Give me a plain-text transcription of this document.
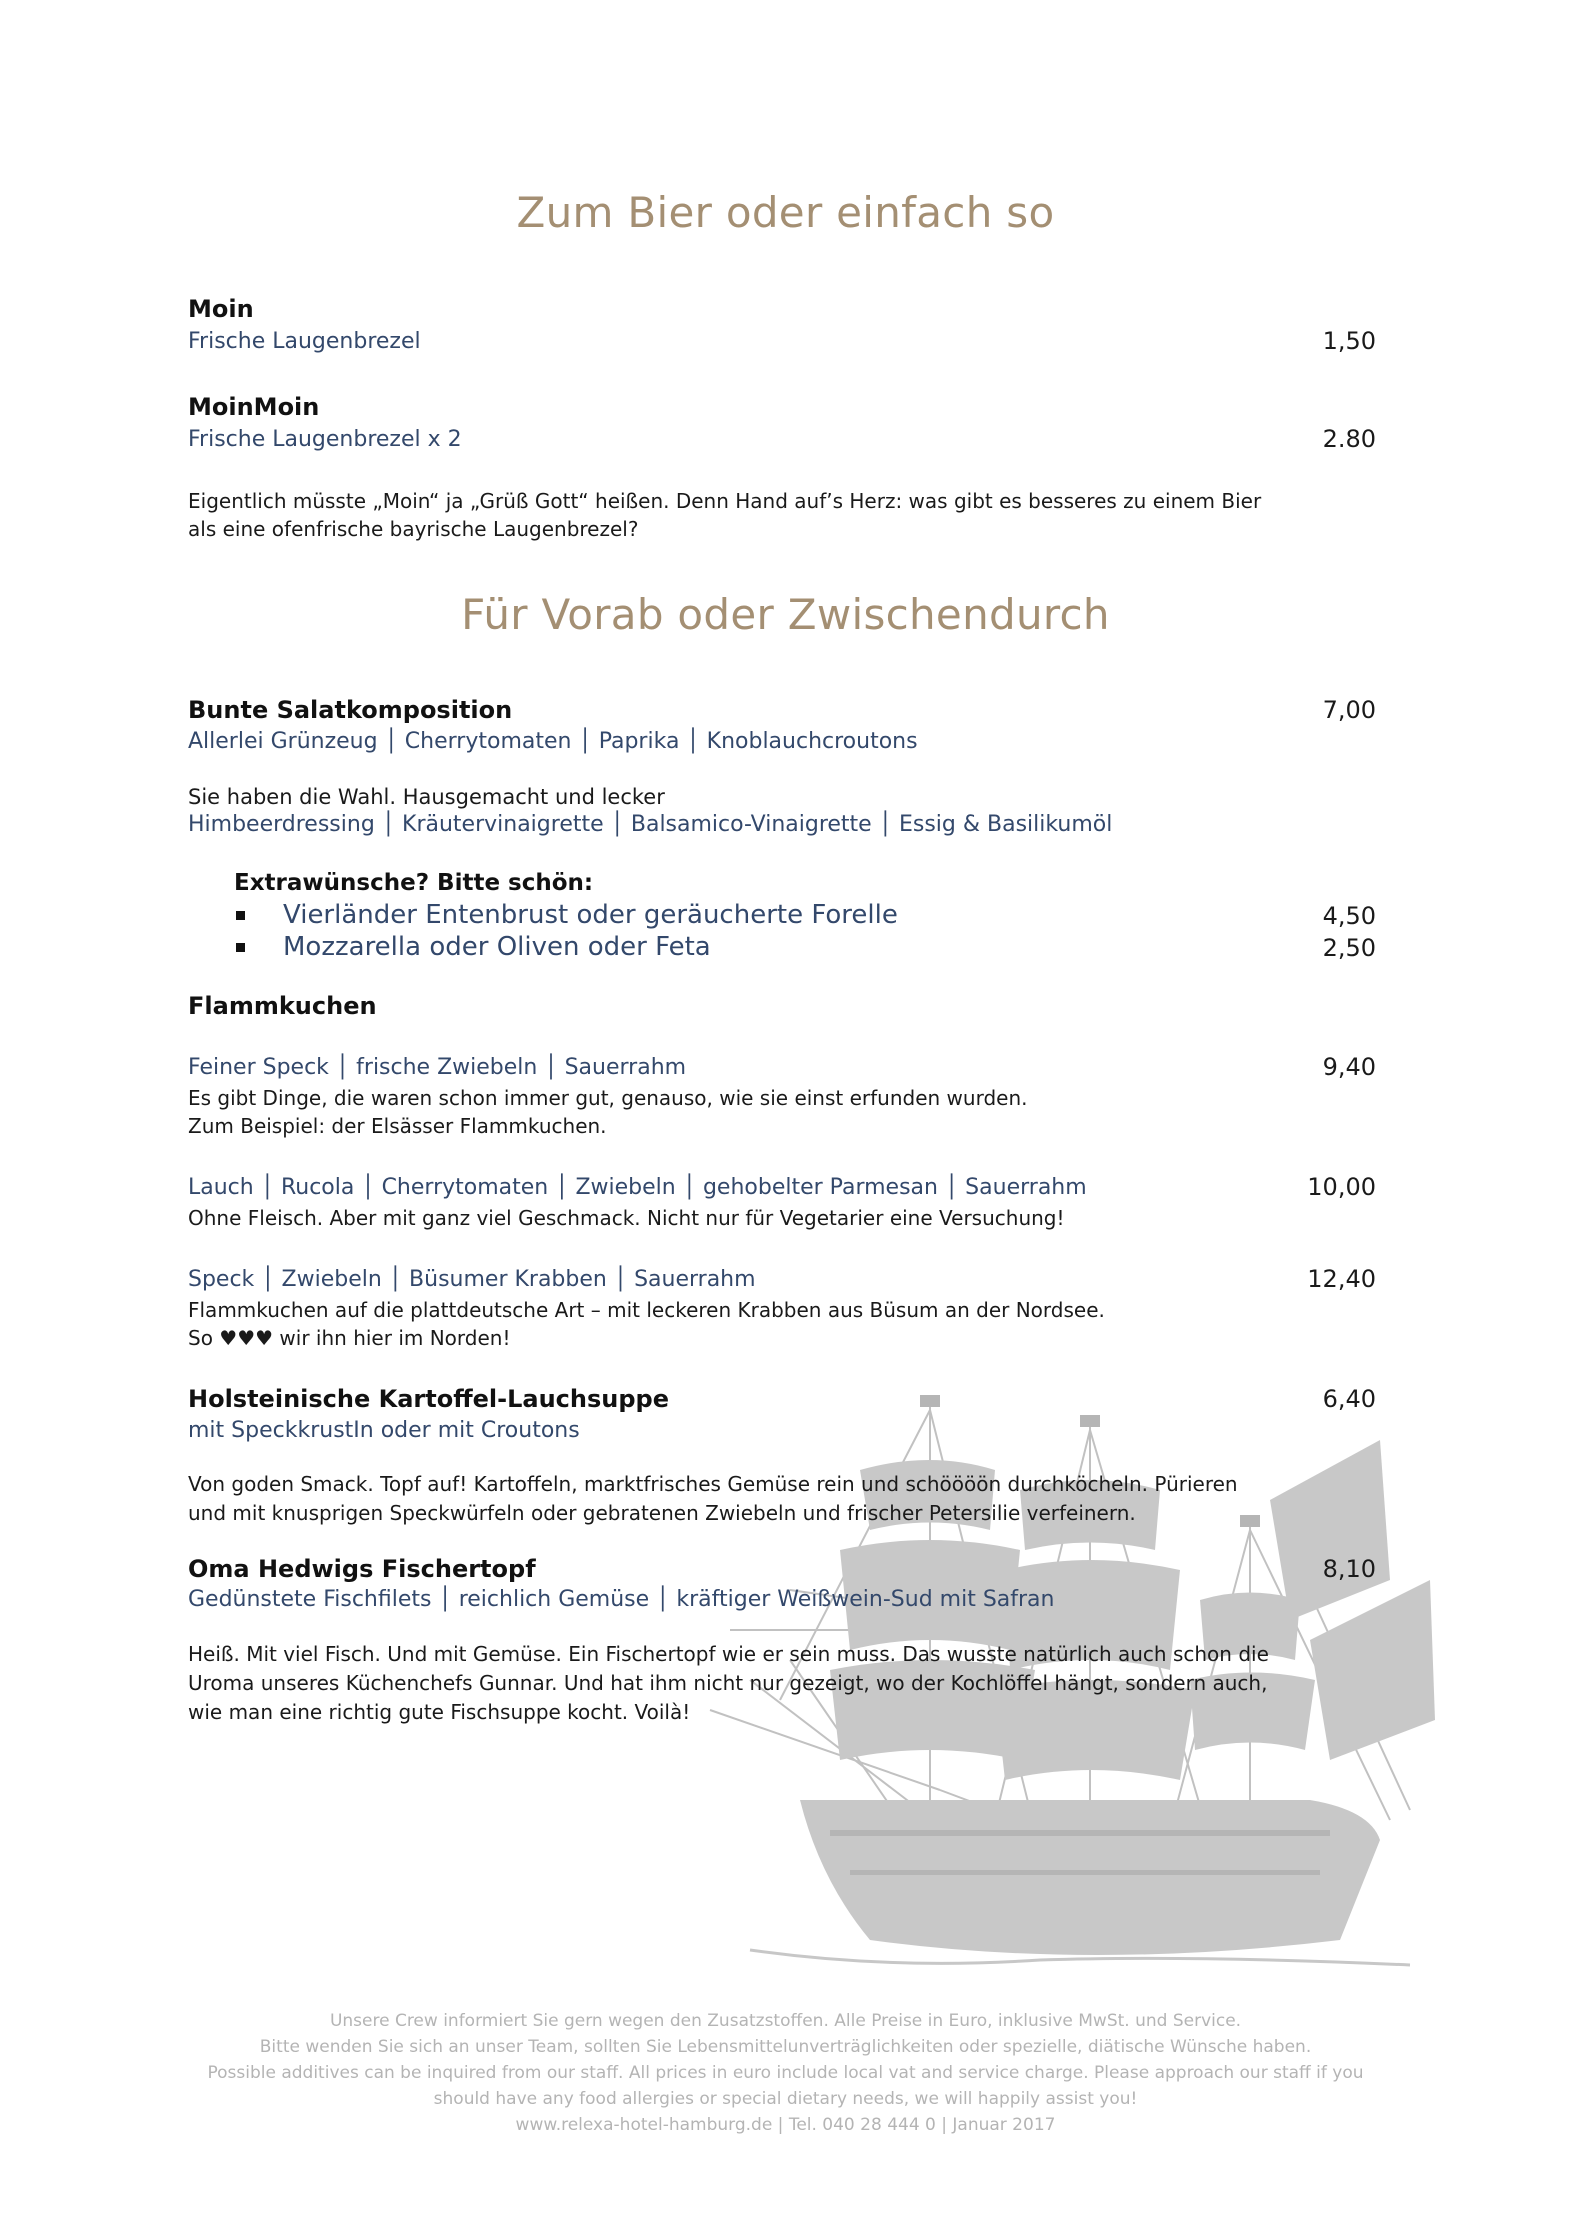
Zum Bier oder einfach so
Moin
Frische Laugenbrezel	1,50
MoinMoin
Frische Laugenbrezel x 2	2.80
Eigentlich müsste „Moin“ ja „Grüß Gott“ heißen. Denn Hand auf’s Herz: was gibt es besseres zu einem Bier
als eine ofenfrische bayrische Laugenbrezel?
Für Vorab oder Zwischendurch
Bunte Salatkomposition	7,00
Allerlei Grünzeug │ Cherrytomaten │ Paprika │ Knoblauchcroutons
Sie haben die Wahl. Hausgemacht und lecker
Himbeerdressing │ Kräutervinaigrette │ Balsamico-Vinaigrette │ Essig & Basilikumöl
Extrawünsche? Bitte schön:
Vierländer Entenbrust oder geräucherte Forelle	4,50
Mozzarella oder Oliven oder Feta	2,50
Flammkuchen
Feiner Speck │ frische Zwiebeln │ Sauerrahm	9,40
Es gibt Dinge, die waren schon immer gut, genauso, wie sie einst erfunden wurden.
Zum Beispiel: der Elsässer Flammkuchen.
Lauch │ Rucola │ Cherrytomaten │ Zwiebeln │ gehobelter Parmesan │ Sauerrahm	10,00
Ohne Fleisch. Aber mit ganz viel Geschmack. Nicht nur für Vegetarier eine Versuchung!
Speck │ Zwiebeln │ Büsumer Krabben │ Sauerrahm	12,40
Flammkuchen auf die plattdeutsche Art – mit leckeren Krabben aus Büsum an der Nordsee.
So ♥♥♥ wir ihn hier im Norden!
Holsteinische Kartoffel-Lauchsuppe	6,40
mit SpeckkrustIn oder mit Croutons
Von goden Smack. Topf auf! Kartoffeln, marktfrisches Gemüse rein und schöööön durchköcheln. Pürieren
und mit knusprigen Speckwürfeln oder gebratenen Zwiebeln und frischer Petersilie verfeinern.
Oma Hedwigs Fischertopf	8,10
Gedünstete Fischfilets │ reichlich Gemüse │ kräftiger Weißwein-Sud mit Safran
Heiß. Mit viel Fisch. Und mit Gemüse. Ein Fischertopf wie er sein muss. Das wusste natürlich auch schon die
Uroma unseres Küchenchefs Gunnar. Und hat ihm nicht nur gezeigt, wo der Kochlöffel hängt, sondern auch,
wie man eine richtig gute Fischsuppe kocht. Voilà!
Unsere Crew informiert Sie gern wegen den Zusatzstoffen. Alle Preise in Euro, inklusive MwSt. und Service.
Bitte wenden Sie sich an unser Team, sollten Sie Lebensmittelunverträglichkeiten oder spezielle, diätische Wünsche haben.
Possible additives can be inquired from our staff. All prices in euro include local vat and service charge. Please approach our staff if you
should have any food allergies or special dietary needs, we will happily assist you!
www.relexa-hotel-hamburg.de | Tel. 040 28 444 0 | Januar 2017
